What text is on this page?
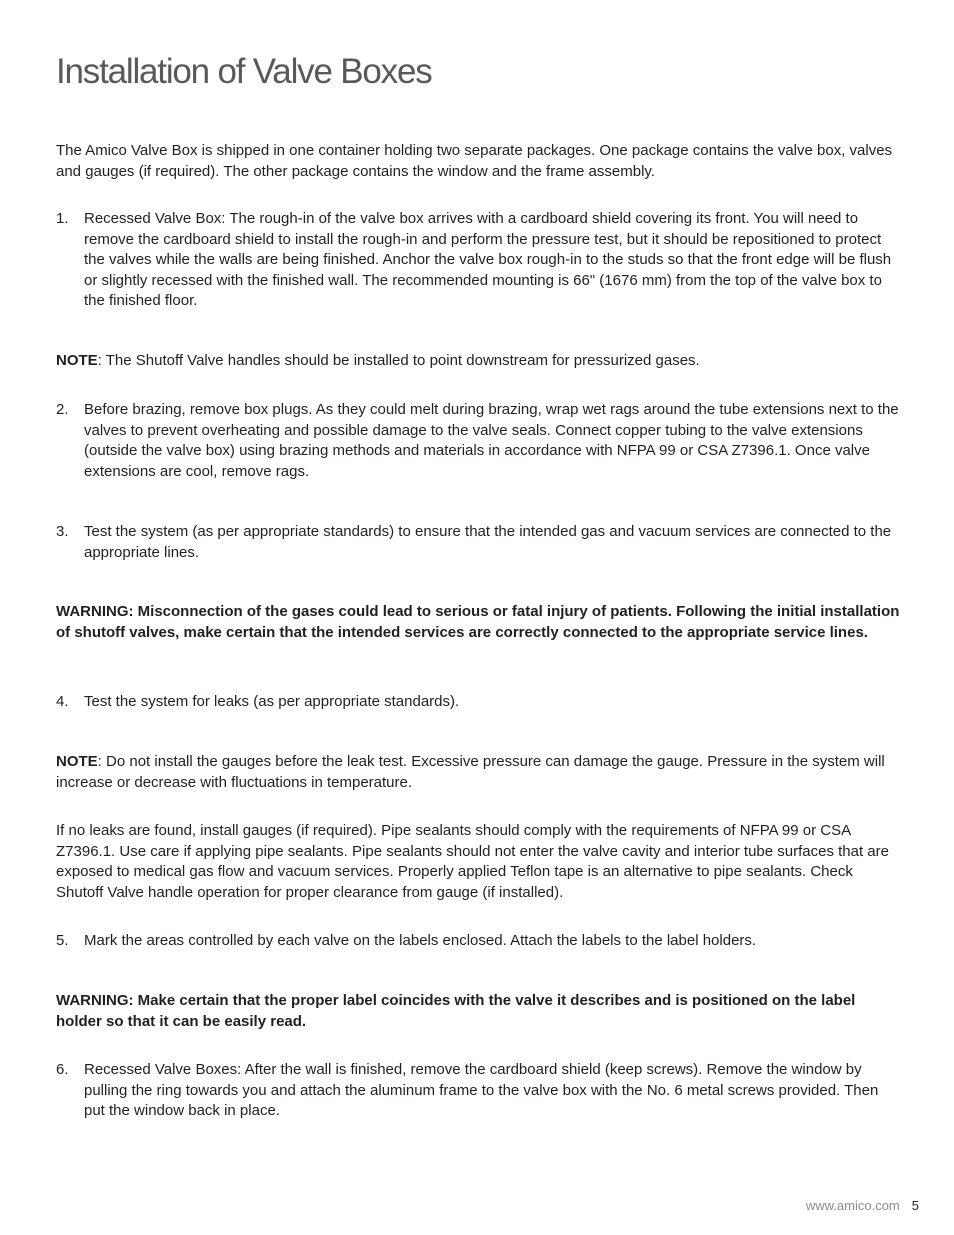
Installation of Valve Boxes

The Amico Valve Box is shipped in one container holding two separate packages. One package contains the valve box, valves and gauges (if required). The other package contains the window and the frame assembly.

1.	Recessed Valve Box: The rough-in of the valve box arrives with a cardboard shield covering its front. You will need to remove the cardboard shield to install the rough-in and perform the pressure test, but it should be repositioned to protect the valves while the walls are being finished. Anchor the valve box rough-in to the studs so that the front edge will be flush or slightly recessed with the finished wall. The recommended mounting is 66" (1676 mm) from the top of the valve box to the finished floor.

NOTE: The Shutoff Valve handles should be installed to point downstream for pressurized gases.

2.	Before brazing, remove box plugs. As they could melt during brazing, wrap wet rags around the tube extensions next to the valves to prevent overheating and possible damage to the valve seals. Connect copper tubing to the valve extensions (outside the valve box) using brazing methods and materials in accordance with NFPA 99 or CSA Z7396.1. Once valve extensions are cool, remove rags.
3.	Test the system (as per appropriate standards) to ensure that the intended gas and vacuum services are connected to the appropriate lines.

WARNING: Misconnection of the gases could lead to serious or fatal injury of patients. Following the initial installation of shutoff valves, make certain that the intended services are correctly connected to the appropriate service lines.

4.	Test the system for leaks (as per appropriate standards).

NOTE: Do not install the gauges before the leak test. Excessive pressure can damage the gauge. Pressure in the system will increase or decrease with fluctuations in temperature.

If no leaks are found, install gauges (if required). Pipe sealants should comply with the requirements of NFPA 99 or CSA Z7396.1. Use care if applying pipe sealants. Pipe sealants should not enter the valve cavity and interior tube surfaces that are exposed to medical gas flow and vacuum services. Properly applied Teflon tape is an alternative to pipe sealants. Check Shutoff Valve handle operation for proper clearance from gauge (if installed).

5.	Mark the areas controlled by each valve on the labels enclosed. Attach the labels to the label holders.

WARNING: Make certain that the proper label coincides with the valve it describes and is positioned on the label holder so that it can be easily read.

6.	Recessed Valve Boxes: After the wall is finished, remove the cardboard shield (keep screws). Remove the window by pulling the ring towards you and attach the aluminum frame to the valve box with the No. 6 metal screws provided. Then put the window back in place.
www.amico.com 5
